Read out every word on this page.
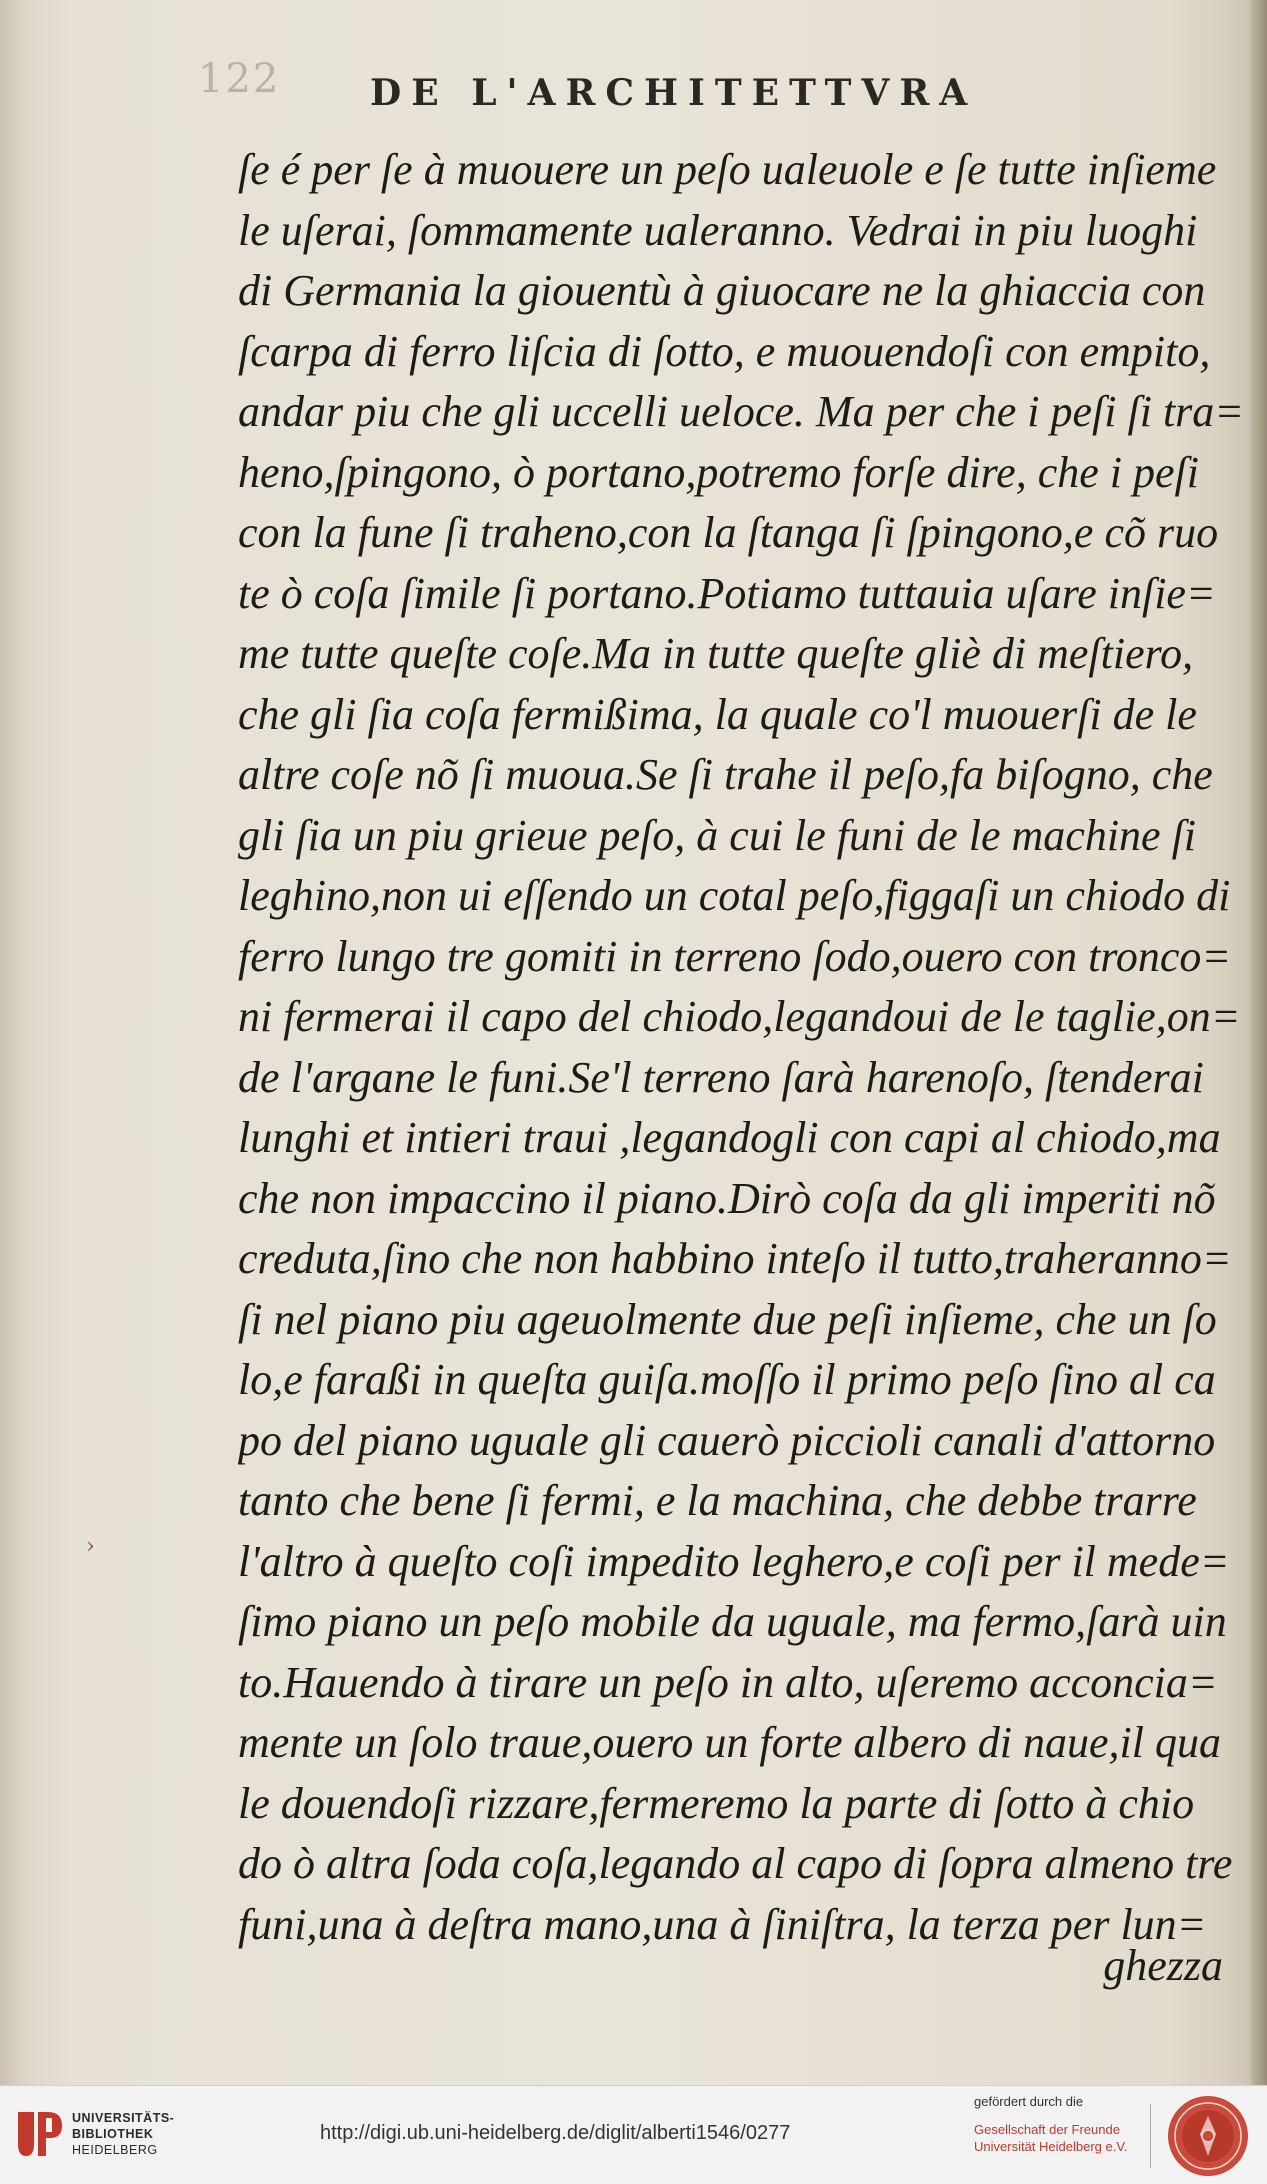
122 DE L'ARCHITETTVRA
ſe é per ſe à muouere un peſo ualeuole e ſe tutte inſieme
le uſerai, ſommamente ualeranno. Vedrai in piu luoghi
di Germania la giouentù à giuocare ne la ghiaccia con
ſcarpa di ferro liſcia di ſotto, e muouendoſi con empito,
andar piu che gli uccelli ueloce. Ma per che i peſi ſi tra=
heno,ſpingono, ò portano,potremo forſe dire, che i peſi
con la fune ſi traheno,con la ſtanga ſi ſpingono,e cõ ruo
te ò coſa ſimile ſi portano.Potiamo tuttauia uſare inſie=
me tutte queſte coſe.Ma in tutte queſte gliè di meſtiero,
che gli ſia coſa fermißima, la quale co'l muouerſi de le
altre coſe nõ ſi muoua.Se ſi trahe il peſo,fa biſogno, che
gli ſia un piu grieue peſo, à cui le funi de le machine ſi
leghino,non ui eſſendo un cotal peſo,figgaſi un chiodo di
ferro lungo tre gomiti in terreno ſodo,ouero con tronco=
ni fermerai il capo del chiodo,legandoui de le taglie,on=
de l'argane le funi.Se'l terreno ſarà harenoſo, ſtenderai
lunghi et intieri traui ,legandogli con capi al chiodo,ma
che non impaccino il piano.Dirò coſa da gli imperiti nõ
creduta,ſino che non habbino inteſo il tutto,traheranno=
ſi nel piano piu ageuolmente due peſi inſieme, che un ſo
lo,e faraßi in queſta guiſa.moſſo il primo peſo ſino al ca
po del piano uguale gli cauerò piccioli canali d'attorno
tanto che bene ſi fermi, e la machina, che debbe trarre
l'altro à queſto coſi impedito leghero,e coſi per il mede=
ſimo piano un peſo mobile da uguale, ma fermo,ſarà uin
to.Hauendo à tirare un peſo in alto, uſeremo acconcia=
mente un ſolo traue,ouero un forte albero di naue,il qua
le douendoſi rizzare,fermeremo la parte di ſotto à chio
do ò altra ſoda coſa,legando al capo di ſopra almeno tre
funi,una à deſtra mano,una à ſiniſtra, la terza per lun=
ghezza
›
UNIVERSITÄTS-
BIBLIOTHEK
HEIDELBERG
http://digi.ub.uni-heidelberg.de/diglit/alberti1546/0277
gefördert durch die
Gesellschaft der Freunde
Universität Heidelberg e.V.
